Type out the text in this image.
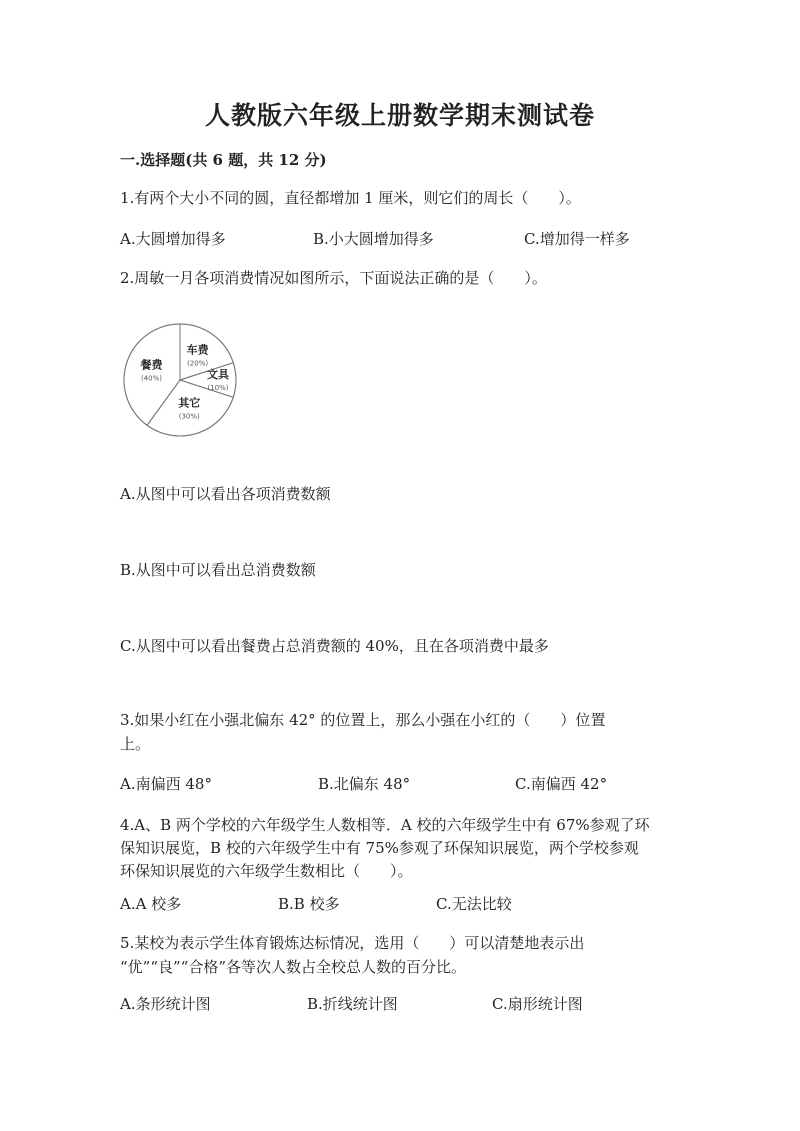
人教版六年级上册数学期末测试卷
一.选择题(共 6 题，共 12 分)
1.有两个大小不同的圆，直径都增加 1 厘米，则它们的周长（　　）。
A.大圆增加得多	B.小大圆增加得多	C.增加得一样多
2.周敏一月各项消费情况如图所示，下面说法正确的是（　　）。
车费
(20%)
文具
(10%)
其它
(30%)
餐费
(40%)
A.从图中可以看出各项消费数额
B.从图中可以看出总消费数额
C.从图中可以看出餐费占总消费额的 40%，且在各项消费中最多
3.如果小红在小强北偏东 42° 的位置上，那么小强在小红的（　　）位置
上。
A.南偏西 48°	B.北偏东 48°	C.南偏西 42°
4.A、B 两个学校的六年级学生人数相等．A 校的六年级学生中有 67%参观了环
保知识展览，B 校的六年级学生中有 75%参观了环保知识展览，两个学校参观
环保知识展览的六年级学生数相比（　　）。
A.A 校多	B.B 校多	C.无法比较
5.某校为表示学生体育锻炼达标情况，选用（　　）可以清楚地表示出
“优”“良”“合格”各等次人数占全校总人数的百分比。
A.条形统计图	B.折线统计图	C.扇形统计图
